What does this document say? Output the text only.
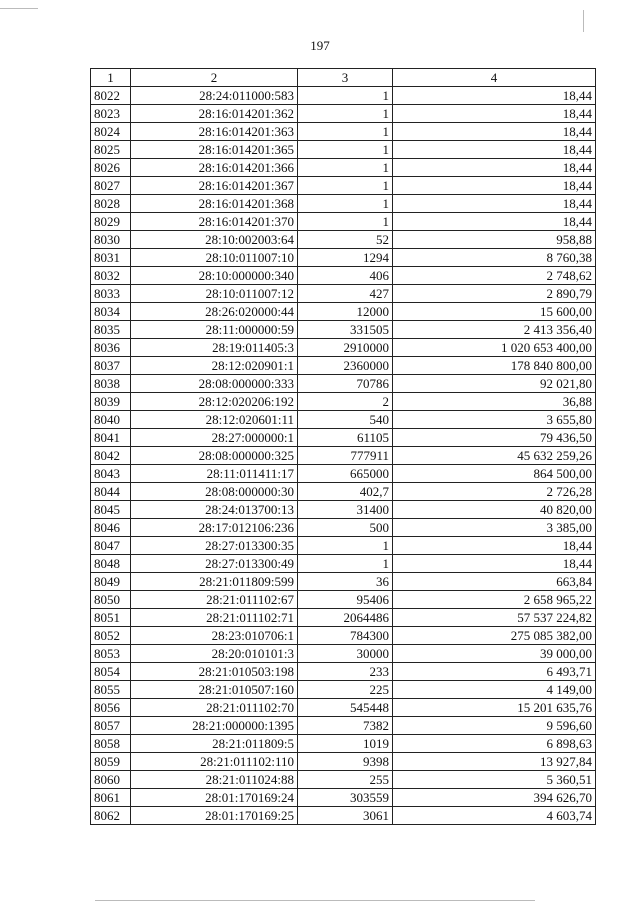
197
1	2	3	4
8022	28:24:011000:583	1	18,44
8023	28:16:014201:362	1	18,44
8024	28:16:014201:363	1	18,44
8025	28:16:014201:365	1	18,44
8026	28:16:014201:366	1	18,44
8027	28:16:014201:367	1	18,44
8028	28:16:014201:368	1	18,44
8029	28:16:014201:370	1	18,44
8030	28:10:002003:64	52	958,88
8031	28:10:011007:10	1294	8 760,38
8032	28:10:000000:340	406	2 748,62
8033	28:10:011007:12	427	2 890,79
8034	28:26:020000:44	12000	15 600,00
8035	28:11:000000:59	331505	2 413 356,40
8036	28:19:011405:3	2910000	1 020 653 400,00
8037	28:12:020901:1	2360000	178 840 800,00
8038	28:08:000000:333	70786	92 021,80
8039	28:12:020206:192	2	36,88
8040	28:12:020601:11	540	3 655,80
8041	28:27:000000:1	61105	79 436,50
8042	28:08:000000:325	777911	45 632 259,26
8043	28:11:011411:17	665000	864 500,00
8044	28:08:000000:30	402,7	2 726,28
8045	28:24:013700:13	31400	40 820,00
8046	28:17:012106:236	500	3 385,00
8047	28:27:013300:35	1	18,44
8048	28:27:013300:49	1	18,44
8049	28:21:011809:599	36	663,84
8050	28:21:011102:67	95406	2 658 965,22
8051	28:21:011102:71	2064486	57 537 224,82
8052	28:23:010706:1	784300	275 085 382,00
8053	28:20:010101:3	30000	39 000,00
8054	28:21:010503:198	233	6 493,71
8055	28:21:010507:160	225	4 149,00
8056	28:21:011102:70	545448	15 201 635,76
8057	28:21:000000:1395	7382	9 596,60
8058	28:21:011809:5	1019	6 898,63
8059	28:21:011102:110	9398	13 927,84
8060	28:21:011024:88	255	5 360,51
8061	28:01:170169:24	303559	394 626,70
8062	28:01:170169:25	3061	4 603,74
